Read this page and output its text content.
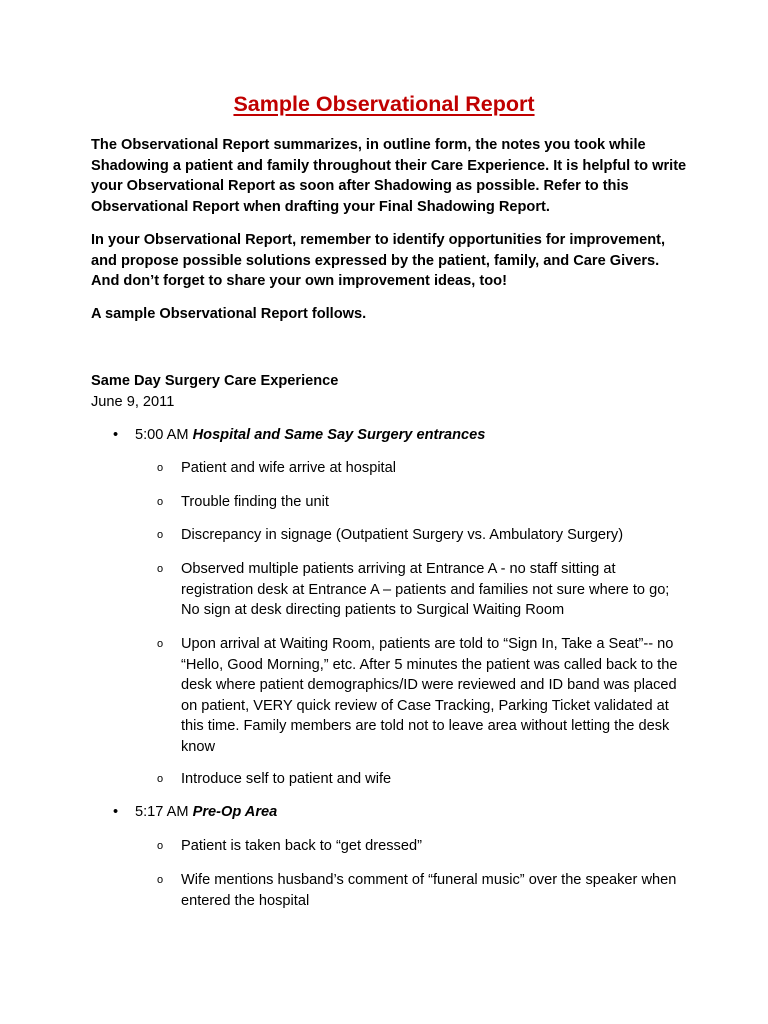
Sample Observational Report

The Observational Report summarizes, in outline form, the notes you took while Shadowing a patient and family throughout their Care Experience. It is helpful to write your Observational Report as soon after Shadowing as possible. Refer to this Observational Report when drafting your Final Shadowing Report.

In your Observational Report, remember to identify opportunities for improvement, and propose possible solutions expressed by the patient, family, and Care Givers. And don’t forget to share your own improvement ideas, too!

A sample Observational Report follows.

Same Day Surgery Care Experience
June 9, 2011
• 5:00 AM Hospital and Same Say Surgery entrances
o Patient and wife arrive at hospital
o Trouble finding the unit
o Discrepancy in signage (Outpatient Surgery vs. Ambulatory Surgery)
o Observed multiple patients arriving at Entrance A - no staff sitting at registration desk at Entrance A – patients and families not sure where to go; No sign at desk directing patients to Surgical Waiting Room
o Upon arrival at Waiting Room, patients are told to “Sign In, Take a Seat”-- no “Hello, Good Morning,” etc. After 5 minutes the patient was called back to the desk where patient demographics/ID were reviewed and ID band was placed on patient, VERY quick review of Case Tracking, Parking Ticket validated at this time. Family members are told not to leave area without letting the desk know
o Introduce self to patient and wife
• 5:17 AM Pre-Op Area
o Patient is taken back to “get dressed”
o Wife mentions husband’s comment of “funeral music” over the speaker when entered the hospital
